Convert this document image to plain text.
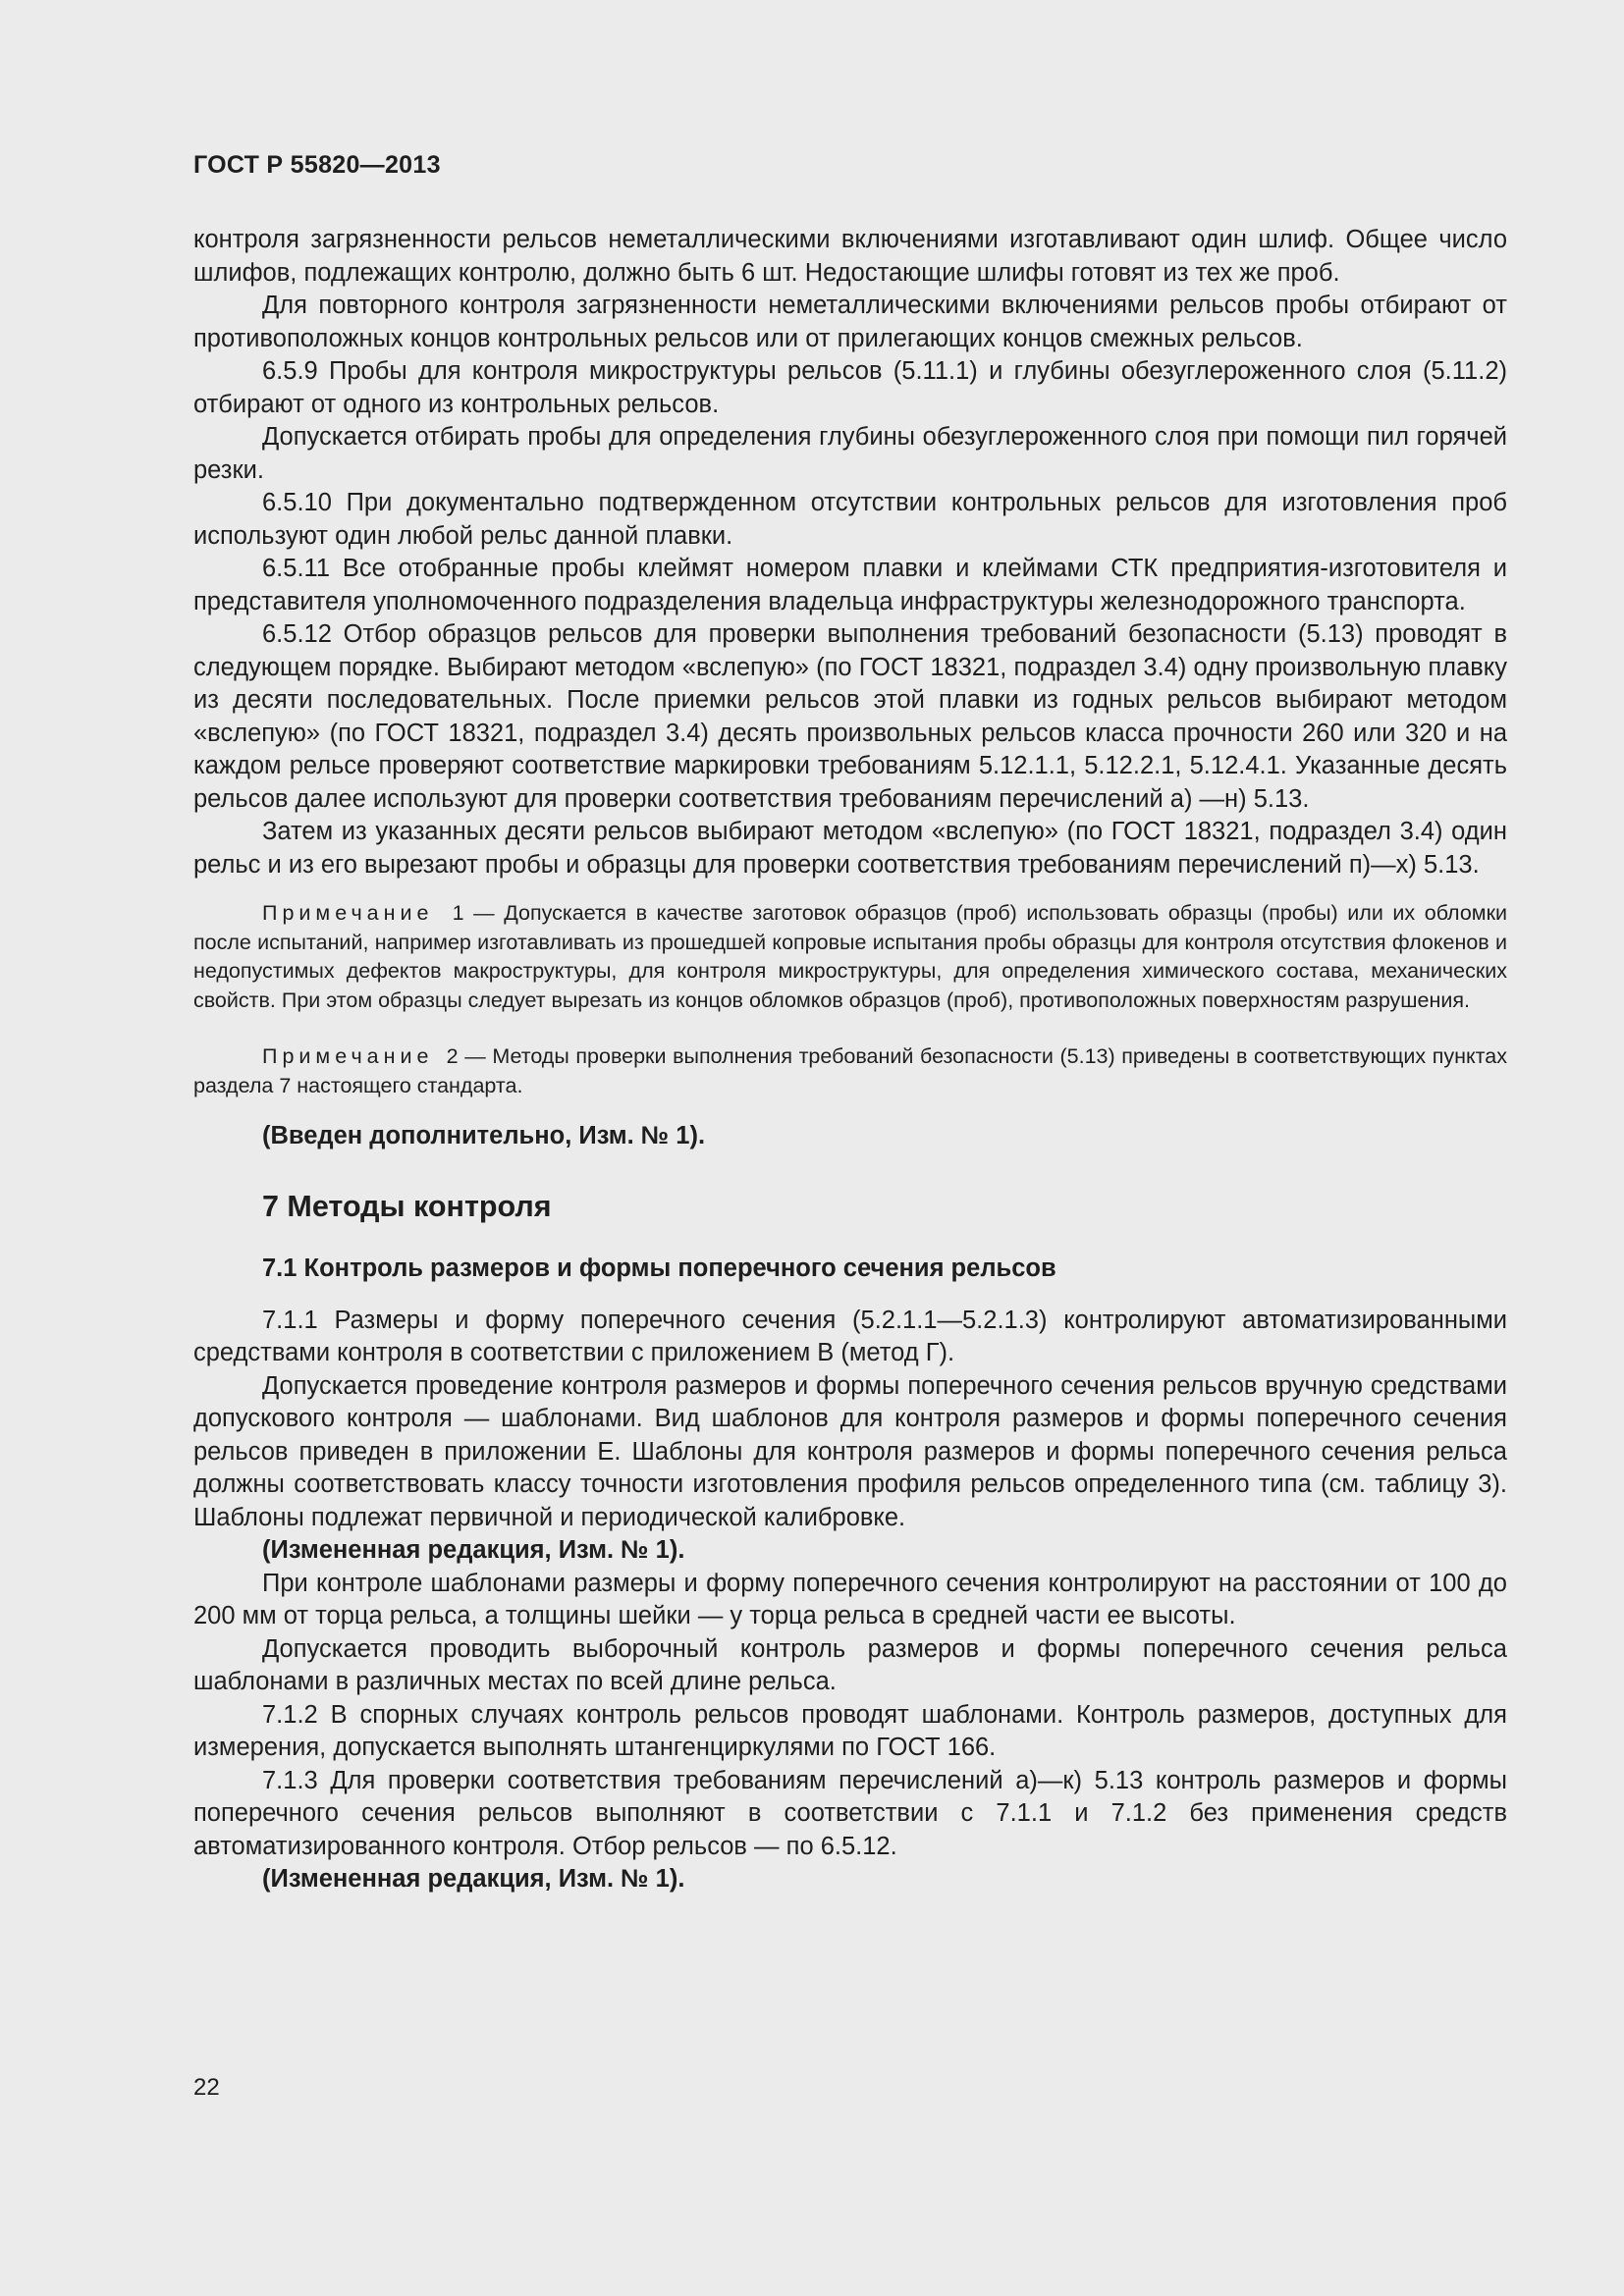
ГОСТ Р 55820—2013

контроля загрязненности рельсов неметаллическими включениями изготавливают один шлиф. Общее число шлифов, подлежащих контролю, должно быть 6 шт. Недостающие шлифы готовят из тех же проб.

Для повторного контроля загрязненности неметаллическими включениями рельсов пробы отбирают от противоположных концов контрольных рельсов или от прилегающих концов смежных рельсов.

6.5.9 Пробы для контроля микроструктуры рельсов (5.11.1) и глубины обезуглероженного слоя (5.11.2) отбирают от одного из контрольных рельсов.

Допускается отбирать пробы для определения глубины обезуглероженного слоя при помощи пил горячей резки.

6.5.10 При документально подтвержденном отсутствии контрольных рельсов для изготовления проб используют один любой рельс данной плавки.

6.5.11 Все отобранные пробы клеймят номером плавки и клеймами СТК предприятия-изготовителя и представителя уполномоченного подразделения владельца инфраструктуры железнодорожного транспорта.

6.5.12 Отбор образцов рельсов для проверки выполнения требований безопасности (5.13) проводят в следующем порядке. Выбирают методом «вслепую» (по ГОСТ 18321, подраздел 3.4) одну произвольную плавку из десяти последовательных. После приемки рельсов этой плавки из годных рельсов выбирают методом «вслепую» (по ГОСТ 18321, подраздел 3.4) десять произвольных рельсов класса прочности 260 или 320 и на каждом рельсе проверяют соответствие маркировки требованиям 5.12.1.1, 5.12.2.1, 5.12.4.1. Указанные десять рельсов далее используют для проверки соответствия требованиям перечислений а) —н) 5.13.

Затем из указанных десяти рельсов выбирают методом «вслепую» (по ГОСТ 18321, подраздел 3.4) один рельс и из его вырезают пробы и образцы для проверки соответствия требованиям перечислений п)—х) 5.13.

Примечание 1 — Допускается в качестве заготовок образцов (проб) использовать образцы (пробы) или их обломки после испытаний, например изготавливать из прошедшей копровые испытания пробы образцы для контроля отсутствия флокенов и недопустимых дефектов макроструктуры, для контроля микроструктуры, для определения химического состава, механических свойств. При этом образцы следует вырезать из концов обломков образцов (проб), противоположных поверхностям разрушения.

Примечание 2 — Методы проверки выполнения требований безопасности (5.13) приведены в соответствующих пунктах раздела 7 настоящего стандарта.

(Введен дополнительно, Изм. № 1).

7 Методы контроля
7.1 Контроль размеров и формы поперечного сечения рельсов

7.1.1 Размеры и форму поперечного сечения (5.2.1.1—5.2.1.3) контролируют автоматизированными средствами контроля в соответствии с приложением В (метод Г).

Допускается проведение контроля размеров и формы поперечного сечения рельсов вручную средствами допускового контроля — шаблонами. Вид шаблонов для контроля размеров и формы поперечного сечения рельсов приведен в приложении Е. Шаблоны для контроля размеров и формы поперечного сечения рельса должны соответствовать классу точности изготовления профиля рельсов определенного типа (см. таблицу 3). Шаблоны подлежат первичной и периодической калибровке.

(Измененная редакция, Изм. № 1).

При контроле шаблонами размеры и форму поперечного сечения контролируют на расстоянии от 100 до 200 мм от торца рельса, а толщины шейки — у торца рельса в средней части ее высоты.

Допускается проводить выборочный контроль размеров и формы поперечного сечения рельса шаблонами в различных местах по всей длине рельса.

7.1.2 В спорных случаях контроль рельсов проводят шаблонами. Контроль размеров, доступных для измерения, допускается выполнять штангенциркулями по ГОСТ 166.

7.1.3 Для проверки соответствия требованиям перечислений а)—к) 5.13 контроль размеров и формы поперечного сечения рельсов выполняют в соответствии с 7.1.1 и 7.1.2 без применения средств автоматизированного контроля. Отбор рельсов — по 6.5.12.

(Измененная редакция, Изм. № 1).

22
